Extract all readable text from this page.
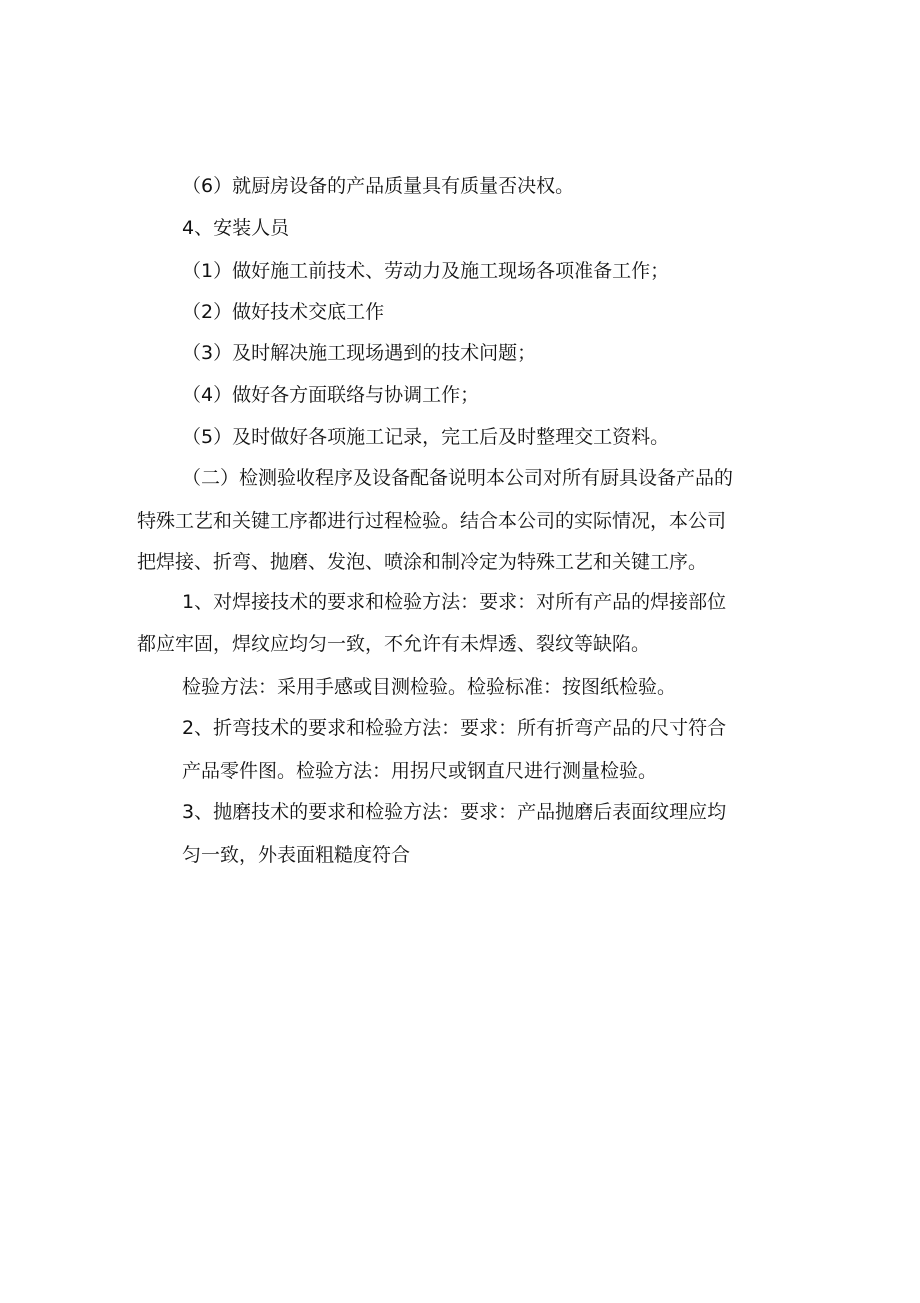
（6）就厨房设备的产品质量具有质量否决权。
4、安装人员
（1）做好施工前技术、劳动力及施工现场各项准备工作；
（2）做好技术交底工作
（3）及时解决施工现场遇到的技术问题；
（4）做好各方面联络与协调工作；
（5）及时做好各项施工记录，完工后及时整理交工资料。
（二）检测验收程序及设备配备说明本公司对所有厨具设备产品的
特殊工艺和关键工序都进行过程检验。结合本公司的实际情况，本公司
把焊接、折弯、抛磨、发泡、喷涂和制冷定为特殊工艺和关键工序。
1、对焊接技术的要求和检验方法：要求：对所有产品的焊接部位
都应牢固，焊纹应均匀一致，不允许有未焊透、裂纹等缺陷。
检验方法：采用手感或目测检验。检验标准：按图纸检验。
2、折弯技术的要求和检验方法：要求：所有折弯产品的尺寸符合
产品零件图。检验方法：用拐尺或钢直尺进行测量检验。
3、抛磨技术的要求和检验方法：要求：产品抛磨后表面纹理应均
匀一致，外表面粗糙度符合
